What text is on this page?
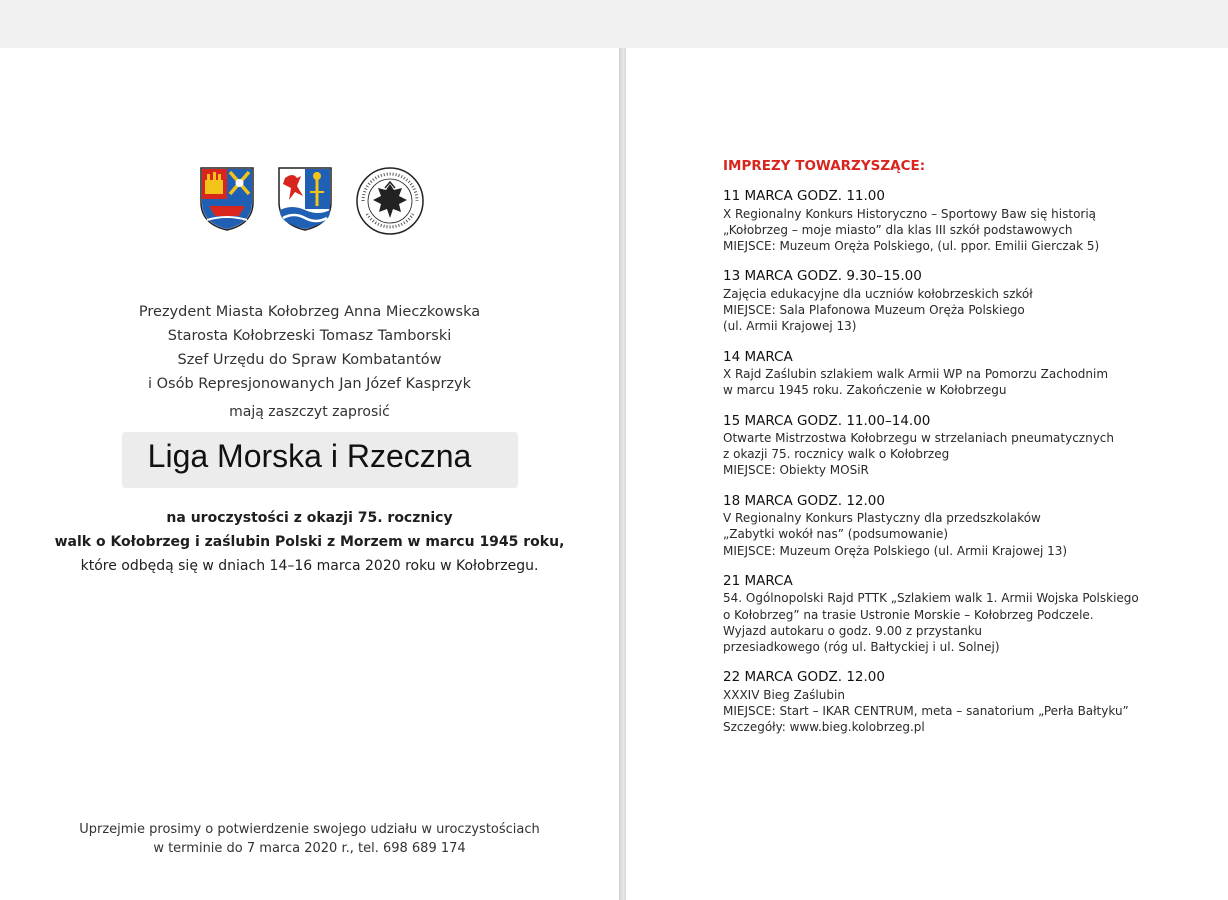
Prezydent Miasta Kołobrzeg Anna Mieczkowska
Starosta Kołobrzeski Tomasz Tamborski
Szef Urzędu do Spraw Kombatantów
i Osób Represjonowanych Jan Józef Kasprzyk
mają zaszczyt zaprosić
Liga Morska i Rzeczna
na uroczystości z okazji 75. rocznicy
walk o Kołobrzeg i zaślubin Polski z Morzem w marcu 1945 roku,
które odbędą się w dniach 14–16 marca 2020 roku w Kołobrzegu.
Uprzejmie prosimy o potwierdzenie swojego udziału w uroczystościach
w terminie do 7 marca 2020 r., tel. 698 689 174
IMPREZY TOWARZYSZĄCE:
11 MARCA GODZ. 11.00
X Regionalny Konkurs Historyczno – Sportowy Baw się historią
„Kołobrzeg – moje miasto” dla klas III szkół podstawowych
MIEJSCE: Muzeum Oręża Polskiego, (ul. ppor. Emilii Gierczak 5)
13 MARCA GODZ. 9.30–15.00
Zajęcia edukacyjne dla uczniów kołobrzeskich szkół
MIEJSCE: Sala Plafonowa Muzeum Oręża Polskiego
(ul. Armii Krajowej 13)
14 MARCA
X Rajd Zaślubin szlakiem walk Armii WP na Pomorzu Zachodnim
w marcu 1945 roku. Zakończenie w Kołobrzegu
15 MARCA GODZ. 11.00–14.00
Otwarte Mistrzostwa Kołobrzegu w strzelaniach pneumatycznych
z okazji 75. rocznicy walk o Kołobrzeg
MIEJSCE: Obiekty MOSiR
18 MARCA GODZ. 12.00
V Regionalny Konkurs Plastyczny dla przedszkolaków
„Zabytki wokół nas” (podsumowanie)
MIEJSCE: Muzeum Oręża Polskiego (ul. Armii Krajowej 13)
21 MARCA
54. Ogólnopolski Rajd PTTK „Szlakiem walk 1. Armii Wojska Polskiego
o Kołobrzeg” na trasie Ustronie Morskie – Kołobrzeg Podczele.
Wyjazd autokaru o godz. 9.00 z przystanku
przesiadkowego (róg ul. Bałtyckiej i ul. Solnej)
22 MARCA GODZ. 12.00
XXXIV Bieg Zaślubin
MIEJSCE: Start – IKAR CENTRUM, meta – sanatorium „Perła Bałtyku”
Szczegóły: www.bieg.kolobrzeg.pl
